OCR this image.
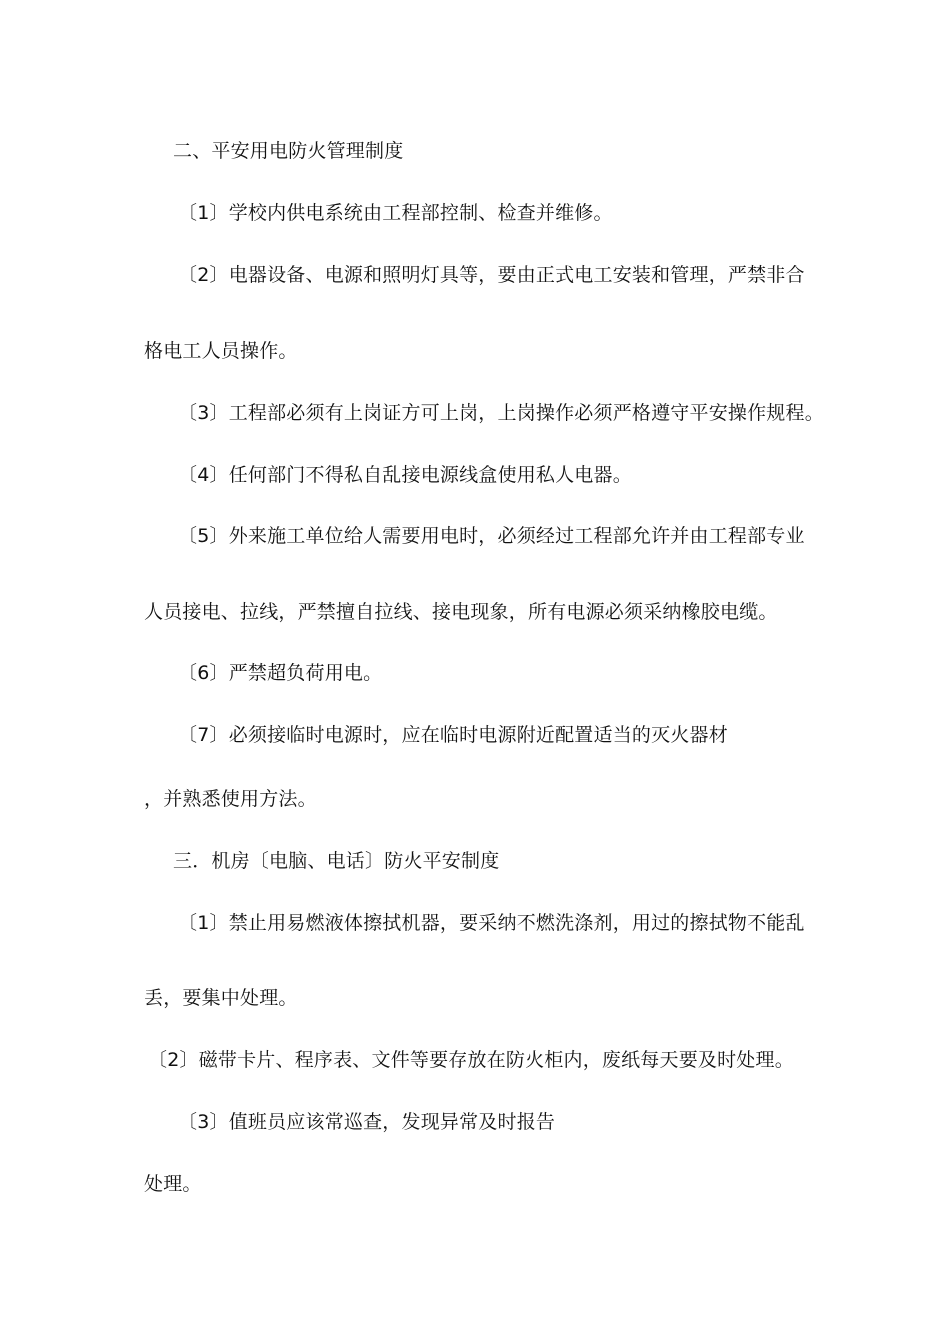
二、平安用电防火管理制度

〔1〕学校内供电系统由工程部控制、检查并维修。

〔2〕电器设备、电源和照明灯具等，要由正式电工安装和管理，严禁非合

格电工人员操作。

〔3〕工程部必须有上岗证方可上岗，上岗操作必须严格遵守平安操作规程。

〔4〕任何部门不得私自乱接电源线盒使用私人电器。

〔5〕外来施工单位给人需要用电时，必须经过工程部允许并由工程部专业

人员接电、拉线，严禁擅自拉线、接电现象，所有电源必须采纳橡胶电缆。

〔6〕严禁超负荷用电。

〔7〕必须接临时电源时，应在临时电源附近配置适当的灭火器材

，并熟悉使用方法。

三．机房〔电脑、电话〕防火平安制度

〔1〕禁止用易燃液体擦拭机器，要采纳不燃洗涤剂，用过的擦拭物不能乱

丢，要集中处理。

〔2〕磁带卡片、程序表、文件等要存放在防火柜内，废纸每天要及时处理。

〔3〕值班员应该常巡查，发现异常及时报告

处理。
